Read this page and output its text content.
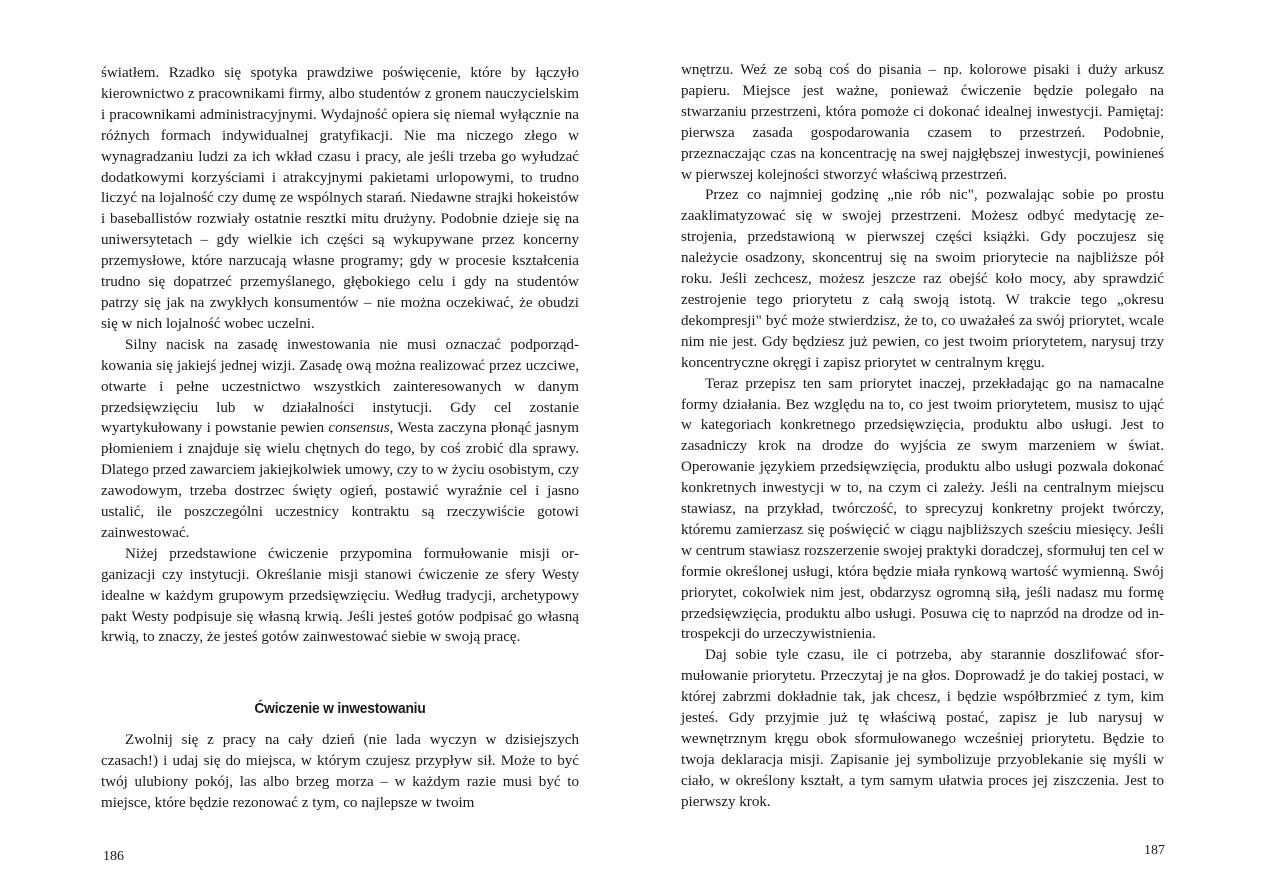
światłem. Rzadko się spotyka prawdziwe poświęcenie, które by łączyło kierownictwo z pracownikami firmy, albo studentów z gronem nauczycielskim i pracownikami administracyjnymi. Wydajność opiera się niemal wyłącznie na różnych formach indywidualnej gratyfikacji. Nie ma niczego złego w wynagradzaniu ludzi za ich wkład czasu i pracy, ale jeśli trzeba go wyłudzać dodatkowymi korzyściami i atrakcyjnymi pakietami urlopowymi, to trudno liczyć na lojalność czy dumę ze wspólnych starań. Niedawne strajki hokeistów i baseballistów rozwiały ostatnie resztki mitu drużyny. Podobnie dzieje się na uniwersytetach – gdy wielkie ich części są wykupywane przez koncerny przemysłowe, które narzucają własne programy; gdy w procesie kształcenia trudno się dopatrzeć przemyślanego, głębokiego celu i gdy na studentów patrzy się jak na zwykłych konsumentów – nie można oczekiwać, że obudzi się w nich lojalność wobec uczelni.

Silny nacisk na zasadę inwestowania nie musi oznaczać podporządkowania się jakiejś jednej wizji. Zasadę ową można realizować przez uczciwe, otwarte i pełne uczestnictwo wszystkich zainteresowanych w danym przedsięwzięciu lub w działalności instytucji. Gdy cel zostanie wyartykułowany i powstanie pewien consensus, Westa zaczyna płonąć jasnym płomieniem i znajduje się wielu chętnych do tego, by coś zrobić dla sprawy. Dlatego przed zawarciem jakiejkolwiek umowy, czy to w życiu osobistym, czy zawodowym, trzeba dostrzec święty ogień, postawić wyraźnie cel i jasno ustalić, ile poszczególni uczestnicy kontraktu są rzeczywiście gotowi zainwestować.

Niżej przedstawione ćwiczenie przypomina formułowanie misji organizacji czy instytucji. Określanie misji stanowi ćwiczenie ze sfery Westy idealne w każdym grupowym przedsięwzięciu. Według tradycji, archetypowy pakt Westy podpisuje się własną krwią. Jeśli jesteś gotów podpisać go własną krwią, to znaczy, że jesteś gotów zainwestować siebie w swoją pracę.

Ćwiczenie w inwestowaniu

Zwolnij się z pracy na cały dzień (nie lada wyczyn w dzisiejszych czasach!) i udaj się do miejsca, w którym czujesz przypływ sił. Może to być twój ulubiony pokój, las albo brzeg morza – w każdym razie musi być to miejsce, które będzie rezonować z tym, co najlepsze w twoim

186

wnętrzu. Weź ze sobą coś do pisania – np. kolorowe pisaki i duży arkusz papieru. Miejsce jest ważne, ponieważ ćwiczenie będzie polegało na stwarzaniu przestrzeni, która pomoże ci dokonać idealnej inwestycji. Pamiętaj: pierwsza zasada gospodarowania czasem to przestrzeń. Podobnie, przeznaczając czas na koncentrację na swej najgłębszej inwestycji, powinieneś w pierwszej kolejności stworzyć właściwą przestrzeń.

Przez co najmniej godzinę „nie rób nic", pozwalając sobie po prostu zaaklimatyzować się w swojej przestrzeni. Możesz odbyć medytację zestrojenia, przedstawioną w pierwszej części książki. Gdy poczujesz się należycie osadzony, skoncentruj się na swoim priorytecie na najbliższe pół roku. Jeśli zechcesz, możesz jeszcze raz obejść koło mocy, aby sprawdzić zestrojenie tego priorytetu z całą swoją istotą. W trakcie tego „okresu dekompresji" być może stwierdzisz, że to, co uważałeś za swój priorytet, wcale nim nie jest. Gdy będziesz już pewien, co jest twoim priorytetem, narysuj trzy koncentryczne okręgi i zapisz priorytet w centralnym kręgu.

Teraz przepisz ten sam priorytet inaczej, przekładając go na namacalne formy działania. Bez względu na to, co jest twoim priorytetem, musisz to ująć w kategoriach konkretnego przedsięwzięcia, produktu albo usługi. Jest to zasadniczy krok na drodze do wyjścia ze swym marzeniem w świat. Operowanie językiem przedsięwzięcia, produktu albo usługi pozwala dokonać konkretnych inwestycji w to, na czym ci zależy. Jeśli na centralnym miejscu stawiasz, na przykład, twórczość, to sprecyzuj konkretny projekt twórczy, któremu zamierzasz się poświęcić w ciągu najbliższych sześciu miesięcy. Jeśli w centrum stawiasz rozszerzenie swojej praktyki doradczej, sformułuj ten cel w formie określonej usługi, która będzie miała rynkową wartość wymienną. Swój priorytet, cokolwiek nim jest, obdarzysz ogromną siłą, jeśli nadasz mu formę przedsięwzięcia, produktu albo usługi. Posuwa cię to naprzód na drodze od introspekcji do urzeczywistnienia.

Daj sobie tyle czasu, ile ci potrzeba, aby starannie doszlifować sformułowanie priorytetu. Przeczytaj je na głos. Doprowadź je do takiej postaci, w której zabrzmi dokładnie tak, jak chcesz, i będzie współbrzmieć z tym, kim jesteś. Gdy przyjmie już tę właściwą postać, zapisz je lub narysuj w wewnętrznym kręgu obok sformułowanego wcześniej priorytetu. Będzie to twoja deklaracja misji. Zapisanie jej symbolizuje przyoblekanie się myśli w ciało, w określony kształt, a tym samym ułatwia proces jej ziszczenia. Jest to pierwszy krok.

187
